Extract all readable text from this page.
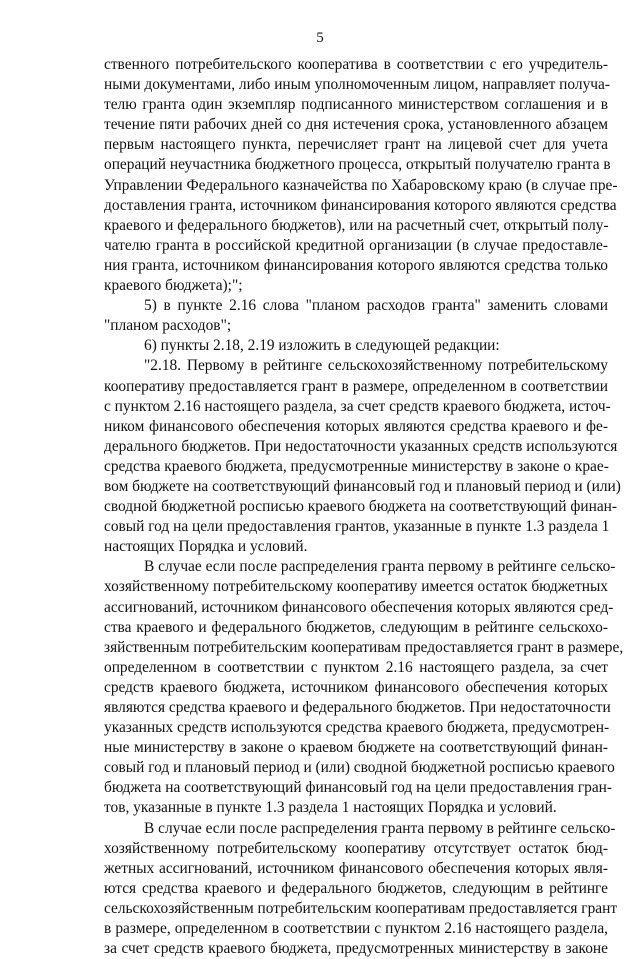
5
ственного потребительского кооператива в соответствии с его учредитель-
ными документами, либо иным уполномоченным лицом, направляет получа-
телю гранта один экземпляр подписанного министерством соглашения и в
течение пяти рабочих дней со дня истечения срока, установленного абзацем
первым настоящего пункта, перечисляет грант на лицевой счет для учета
операций неучастника бюджетного процесса, открытый получателю гранта в
Управлении Федерального казначейства по Хабаровскому краю (в случае пре-
доставления гранта, источником финансирования которого являются средства
краевого и федерального бюджетов), или на расчетный счет, открытый полу-
чателю гранта в российской кредитной организации (в случае предоставле-
ния гранта, источником финансирования которого являются средства только
краевого бюджета);";
5) в пункте 2.16 слова "планом расходов гранта" заменить словами
"планом расходов";
6) пункты 2.18, 2.19 изложить в следующей редакции:
"2.18. Первому в рейтинге сельскохозяйственному потребительскому
кооперативу предоставляется грант в размере, определенном в соответствии
с пунктом 2.16 настоящего раздела, за счет средств краевого бюджета, источ-
ником финансового обеспечения которых являются средства краевого и фе-
дерального бюджетов. При недостаточности указанных средств используются
средства краевого бюджета, предусмотренные министерству в законе о крае-
вом бюджете на соответствующий финансовый год и плановый период и (или)
сводной бюджетной росписью краевого бюджета на соответствующий финан-
совый год на цели предоставления грантов, указанные в пункте 1.3 раздела 1
настоящих Порядка и условий.
В случае если после распределения гранта первому в рейтинге сельско-
хозяйственному потребительскому кооперативу имеется остаток бюджетных
ассигнований, источником финансового обеспечения которых являются сред-
ства краевого и федерального бюджетов, следующим в рейтинге сельскохо-
зяйственным потребительским кооперативам предоставляется грант в размере,
определенном в соответствии с пунктом 2.16 настоящего раздела, за счет
средств краевого бюджета, источником финансового обеспечения которых
являются средства краевого и федерального бюджетов. При недостаточности
указанных средств используются средства краевого бюджета, предусмотрен-
ные министерству в законе о краевом бюджете на соответствующий финан-
совый год и плановый период и (или) сводной бюджетной росписью краевого
бюджета на соответствующий финансовый год на цели предоставления гран-
тов, указанные в пункте 1.3 раздела 1 настоящих Порядка и условий.
В случае если после распределения гранта первому в рейтинге сельско-
хозяйственному потребительскому кооперативу отсутствует остаток бюд-
жетных ассигнований, источником финансового обеспечения которых явля-
ются средства краевого и федерального бюджетов, следующим в рейтинге
сельскохозяйственным потребительским кооперативам предоставляется грант
в размере, определенном в соответствии с пунктом 2.16 настоящего раздела,
за счет средств краевого бюджета, предусмотренных министерству в законе
